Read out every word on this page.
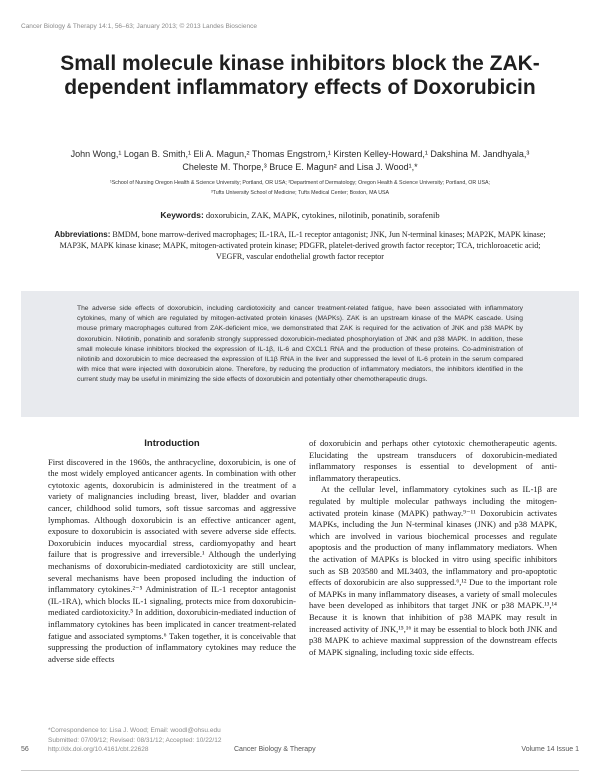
Cancer Biology & Therapy 14:1, 56–63; January 2013; © 2013 Landes Bioscience
Small molecule kinase inhibitors block the ZAK-dependent inflammatory effects of Doxorubicin
John Wong,¹ Logan B. Smith,¹ Eli A. Magun,² Thomas Engstrom,¹ Kirsten Kelley-Howard,¹ Dakshina M. Jandhyala,³
Cheleste M. Thorpe,³ Bruce E. Magun² and Lisa J. Wood¹,*
¹School of Nursing Oregon Health & Science University; Portland, OR USA; ²Department of Dermatology; Oregon Health & Science University; Portland, OR USA;
³Tufts University School of Medicine; Tufts Medical Center; Boston, MA USA
Keywords: doxorubicin, ZAK, MAPK, cytokines, nilotinib, ponatinib, sorafenib
Abbreviations: BMDM, bone marrow-derived macrophages; IL-1RA, IL-1 receptor antagonist; JNK, Jun N-terminal kinases; MAP2K, MAPK kinase; MAP3K, MAPK kinase kinase; MAPK, mitogen-activated protein kinase; PDGFR, platelet-derived growth factor receptor; TCA, trichloroacetic acid; VEGFR, vascular endothelial growth factor receptor
The adverse side effects of doxorubicin, including cardiotoxicity and cancer treatment-related fatigue, have been associated with inflammatory cytokines, many of which are regulated by mitogen-activated protein kinases (MAPKs). ZAK is an upstream kinase of the MAPK cascade. Using mouse primary macrophages cultured from ZAK-deficient mice, we demonstrated that ZAK is required for the activation of JNK and p38 MAPK by doxorubicin. Nilotinib, ponatinib and sorafenib strongly suppressed doxorubicin-mediated phosphorylation of JNK and p38 MAPK. In addition, these small molecule kinase inhibitors blocked the expression of IL-1β, IL-6 and CXCL1 RNA and the production of these proteins. Co-administration of nilotinib and doxorubicin to mice decreased the expression of IL1β RNA in the liver and suppressed the level of IL-6 protein in the serum compared with mice that were injected with doxorubicin alone. Therefore, by reducing the production of inflammatory mediators, the inhibitors identified in the current study may be useful in minimizing the side effects of doxorubicin and potentially other chemotherapeutic drugs.
Introduction

First discovered in the 1960s, the anthracycline, doxorubicin, is one of the most widely employed anticancer agents. In combination with other cytotoxic agents, doxorubicin is administered in the treatment of a variety of malignancies including breast, liver, bladder and ovarian cancer, childhood solid tumors, soft tissue sarcomas and aggressive lymphomas. Although doxorubicin is an effective anticancer agent, exposure to doxorubicin is associated with severe adverse side effects. Doxorubicin induces myocardial stress, cardiomyopathy and heart failure that is progressive and irreversible.¹ Although the underlying mechanisms of doxorubicin-mediated cardiotoxicity are still unclear, several mechanisms have been proposed including the induction of inflammatory cytokines.²⁻⁵ Administration of IL-1 receptor antagonist (IL-1RA), which blocks IL-1 signaling, protects mice from doxorubicin-mediated cardiotoxicity.⁵ In addition, doxorubicin-mediated induction of inflammatory cytokines has been implicated in cancer treatment-related fatigue and associated symptoms.⁶ Taken together, it is conceivable that suppressing the production of inflammatory cytokines may reduce the adverse side effects

of doxorubicin and perhaps other cytotoxic chemotherapeutic agents. Elucidating the upstream transducers of doxorubicin-mediated inflammatory responses is essential to development of anti-inflammatory therapeutics.

At the cellular level, inflammatory cytokines such as IL-1β are regulated by multiple molecular pathways including the mitogen-activated protein kinase (MAPK) pathway.⁹⁻¹¹ Doxorubicin activates MAPKs, including the Jun N-terminal kinases (JNK) and p38 MAPK, which are involved in various biochemical processes and regulate apoptosis and the production of many inflammatory mediators. When the activation of MAPKs is blocked in vitro using specific inhibitors such as SB 203580 and ML3403, the inflammatory and pro-apoptotic effects of doxorubicin are also suppressed.⁶,¹² Due to the important role of MAPKs in many inflammatory diseases, a variety of small molecules have been developed as inhibitors that target JNK or p38 MAPK.¹³,¹⁴ Because it is known that inhibition of p38 MAPK may result in increased activity of JNK,¹⁵,¹⁶ it may be essential to block both JNK and p38 MAPK to achieve maximal suppression of the downstream effects of MAPK signaling, including toxic side effects.

*Correspondence to: Lisa J. Wood; Email: woodl@ohsu.edu
Submitted: 07/09/12; Revised: 08/31/12; Accepted: 10/22/12
http://dx.doi.org/10.4161/cbt.22628
56	Cancer Biology & Therapy	Volume 14 Issue 1
